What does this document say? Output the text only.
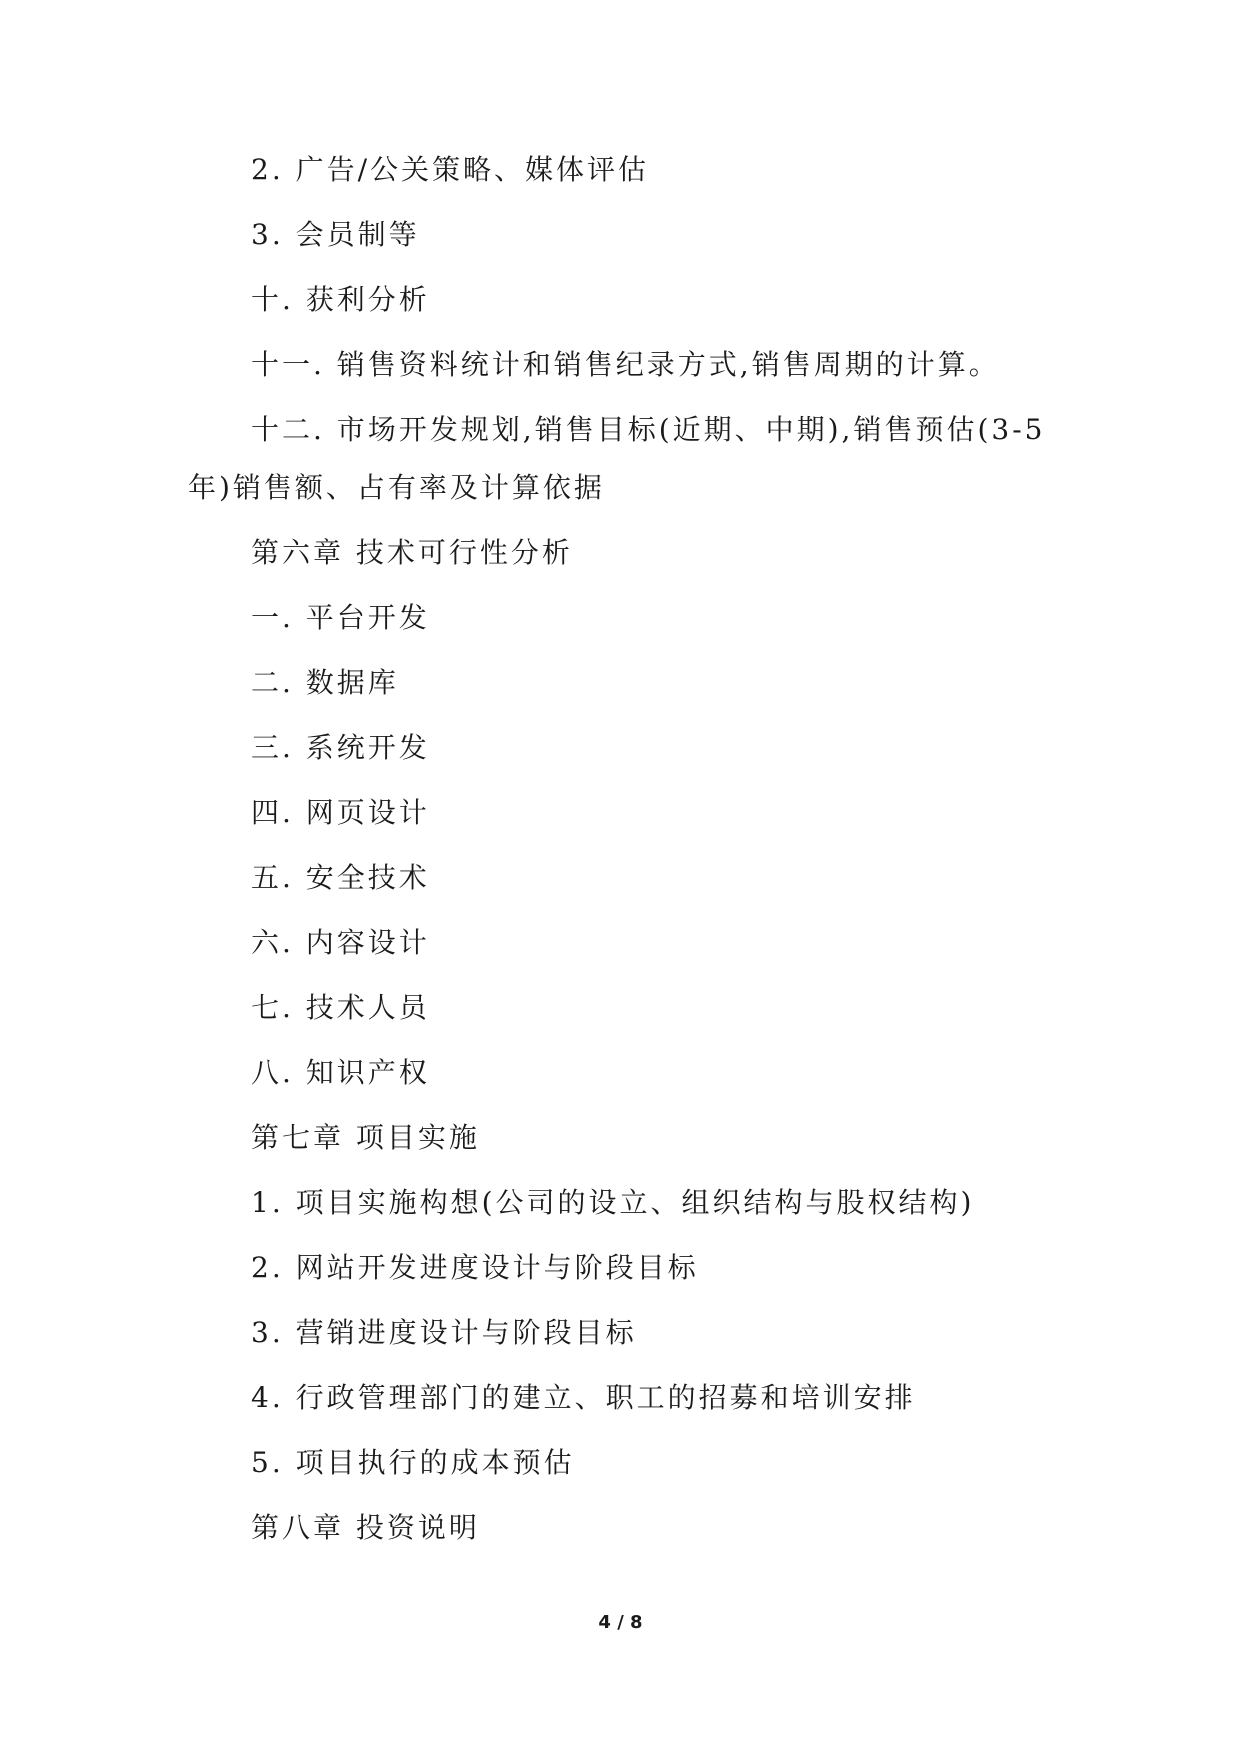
2. 广告/公关策略、媒体评估
3. 会员制等
十. 获利分析
十一. 销售资料统计和销售纪录方式,销售周期的计算。
十二. 市场开发规划,销售目标(近期、中期),销售预估(3-5
年)销售额、占有率及计算依据
第六章 技术可行性分析
一. 平台开发
二. 数据库
三. 系统开发
四. 网页设计
五. 安全技术
六. 内容设计
七. 技术人员
八. 知识产权
第七章 项目实施
1. 项目实施构想(公司的设立、组织结构与股权结构)
2. 网站开发进度设计与阶段目标
3. 营销进度设计与阶段目标
4. 行政管理部门的建立、职工的招募和培训安排
5. 项目执行的成本预估
第八章 投资说明
4 / 8
